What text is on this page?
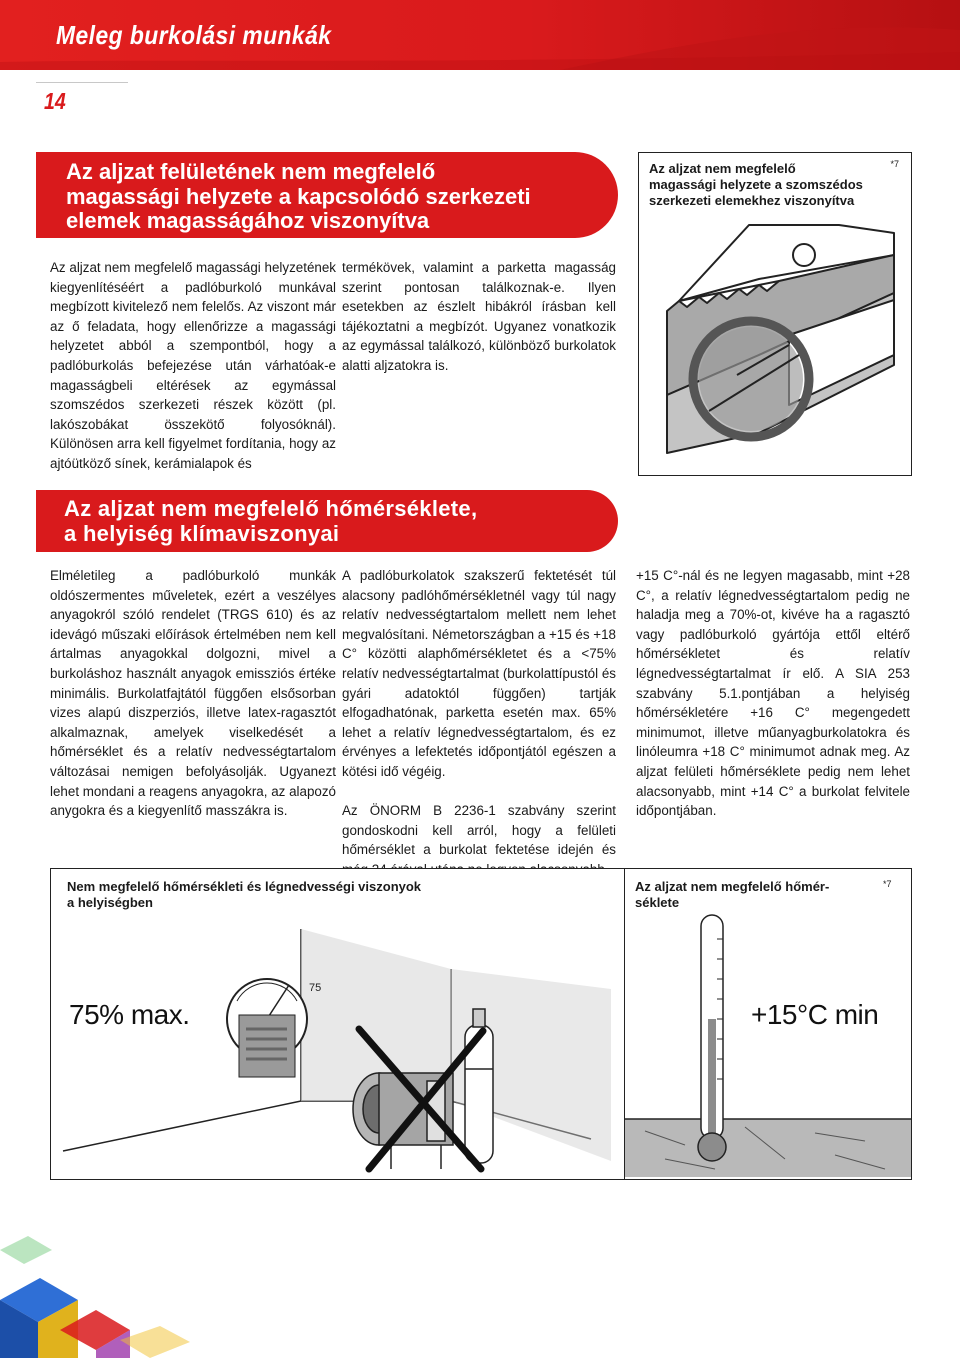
Meleg burkolási munkák
14
Az aljzat felületének nem megfelelő
magassági helyzete a kapcsolódó szerkezeti
elemek magasságához viszonyítva

Az aljzat nem megfelelő magassági helyzetének kiegyenlítéséért a padlóburkoló munkával megbízott kivitelező nem felelős. Az viszont már az ő feladata, hogy ellenőrizze a magassági helyzetet abból a szempontból, hogy a padlóburkolás befejezése után várhatóak-e magasságbeli eltérések az egymással szomszédos szerkezeti részek között (pl. lakószobákat összekötő folyosóknál). Különösen arra kell figyelmet fordítania, hogy az ajtóütköző sínek, kerámialapok és

termékövek, valamint a parketta magasság szerint pontosan találkoznak-e. Ilyen esetekben az észlelt hibákról írásban kell tájékoztatni a megbízót. Ugyanez vonatkozik az egymással találkozó, különböző burkolatok alatti aljzatokra is.

Az aljzat nem megfelelő
magassági helyzete a szomszédos
szerkezeti elemekhez viszonyítva
*7
Az aljzat nem megfelelő hőmérséklete,
a helyiség klímaviszonyai

Elméletileg a padlóburkoló munkák oldószermentes műveletek, ezért a veszélyes anyagokról szóló rendelet (TRGS 610) és az idevágó műszaki előírások értelmében nem kell ártalmas anyagokkal dolgozni, mivel a burkoláshoz használt anyagok emissziós értéke minimális. Burkolatfajtától függően elsősorban vizes alapú diszperziós, illetve latex-ragasztót alkalmaznak, amelyek viselkedését a hőmérséklet és a relatív nedvességtartalom változásai nemigen befolyásolják. Ugyanezt lehet mondani a reagens anyagokra, az alapozó anygokra és a kiegyenlítő masszákra is.

A padlóburkolatok szakszerű fektetését túl alacsony padlóhőmérsékletnél vagy túl nagy relatív nedvességtartalom mellett nem lehet megvalósítani. Németországban a +15 és +18 C° közötti alaphőmérsékletet és a <75% relatív nedvességtartalmat (burkolattípustól és gyári adatoktól függően) tartják elfogadhatónak, parketta esetén max. 65% lehet a relatív légnedvességtartalom, és ez érvényes a lefektetés időpontjától egészen a kötési idő végéig.

Az ÖNORM B 2236-1 szabvány szerint gondoskodni kell arról, hogy a felületi hőmérséklet a burkolat fektetése idején és

+15 C°-nál és ne legyen magasabb, mint +28 C°, a relatív légnedvességtartalom pedig ne haladja meg a 70%-ot, kivéve ha a ragasztó vagy padlóburkoló gyártója ettől eltérő hőmérsékletet és relatív légnedvességtartalmat ír elő. A SIA 253 szabvány 5.1.pontjában a helyiség hőmérsékletére +16 C° megengedett minimumot, illetve műanyagburkolatokra és linóleumra +18 C° minimumot adnak meg. Az aljzat felületi hőmérséklete pedig nem lehet alacsonyabb, mint +14 C° a burkolat felvitele időpontjában.

Nem megfelelő hőmérsékleti és légnedvességi viszonyok
a helyiségben
75% max.
75
Az aljzat nem megfelelő hőmér-
séklete
*7
+15°C min
